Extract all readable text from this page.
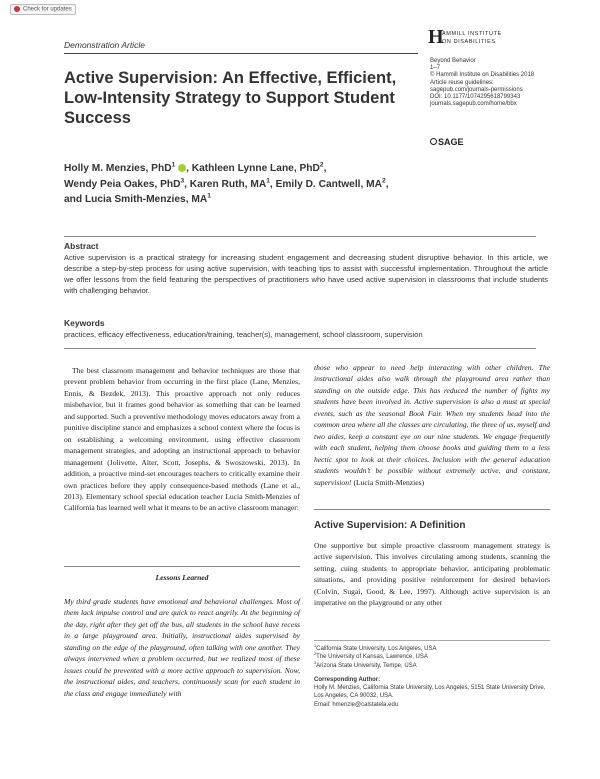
Check for updates
Demonstration Article	H
AMMILL INSTITUTE
ON DISABILITIES
Beyond Behavior
1–7
© Hammill Institute on Disabilities 2018
Article reuse guidelines:
sagepub.com/journals-permissions
DOI: 10.1177/1074295618799343
journals.sagepub.com/home/bbx
SAGE
Active Supervision: An Effective, Efficient, Low-Intensity Strategy to Support Student Success
Holly M. Menzies, PhD$^1$ , Kathleen Lynne Lane, PhD$^2$,
Wendy Peia Oakes, PhD$^3$, Karen Ruth, $MA^1$, Emily D. Cantwell, $MA^2$,
and Lucia Smith-Menzies, $MA^1$
Abstract
Active supervision is a practical strategy for increasing student engagement and decreasing student disruptive behavior. In this article, we describe a step-by-step process for using active supervision, with teaching tips to assist with successful implementation. Throughout the article we offer lessons from the field featuring the perspectives of practitioners who have used active supervision in classrooms that include students with challenging behavior.
Keywords
practices, efficacy effectiveness, education/training, teacher(s), management, school classroom, supervision

The best classroom management and behavior techniques are those that prevent problem behavior from occurring in the first place (Lane, Menzies, Ennis, & Bezdek, 2013). This proactive approach not only reduces misbehavior, but it frames good behavior as something that can be learned and supported. Such a preventive methodology moves educators away from a punitive discipline stance and emphasizes a school context where the focus is on establishing a welcoming environment, using effective classroom management strategies, and adopting an instructional approach to behavior management (Jolivette, Alter, Scott, Josephs, & Swoszowski, 2013). In addition, a proactive mind-set encourages teachers to critically examine their own practices before they apply consequence-based methods (Lane et al., 2013). Elementary school special education teacher Lucia Smith-Menzies of California has learned well what it means to be an active classroom manager:

Lessons Learned
My third grade students have emotional and behavioral challenges. Most of them lack impulse control and are quick to react angrily. At the beginning of the day, right after they get off the bus, all students in the school have recess in a large playground area. Initially, instructional aides supervised by standing on the edge of the playground, often talking with one another. They always intervened when a problem occurred, but we realized most of these issues could be prevented with a more active approach to supervision. Now, the instructional aides, and teachers, continuously scan for each student in the class and engage immediately with
those who appear to need help interacting with other children. The instructional aides also walk through the playground area rather than standing on the outside edge. This has reduced the number of fights my students have been involved in. Active supervision is also a must at special events, such as the seasonal Book Fair. When my students head into the common area where all the classes are circulating, the three of us, myself and two aides, keep a constant eye on our nine students. We engage frequently with each student, helping them choose books and guiding them to a less hectic spot to look at their choices. Inclusion with the general education students wouldn’t be possible without extremely active, and constant, supervision! (Lucia Smith-Menzies)
Active Supervision: A Definition

One supportive but simple proactive classroom management strategy is active supervision. This involves circulating among students, scanning the setting, cuing students to appropriate behavior, anticipating problematic situations, and providing positive reinforcement for desired behaviors (Colvin, Sugai, Good, & Lee, 1997). Although active supervision is an imperative on the playground or any other

$^1$California State University, Los Angeles, USA
$^2$The University of Kansas, Lawrence, USA
$^3$Arizona State University, Tempe, USA
Corresponding Author:
Holly M. Menzies, California State University, Los Angeles, 5151 State University Drive, Los Angeles, CA 90032, USA.
Email: hmenzie@calstatela.edu
